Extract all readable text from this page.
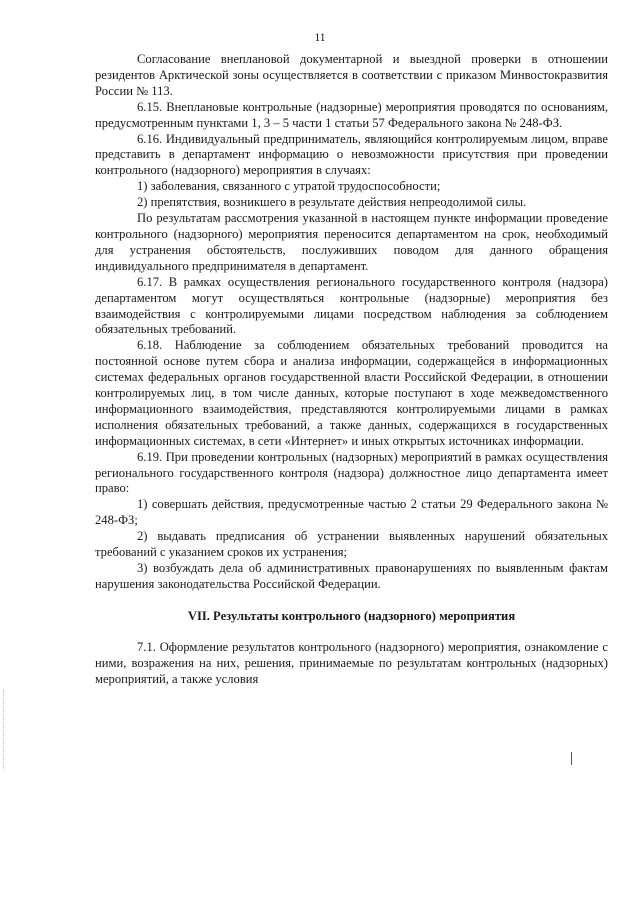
11

Согласование внеплановой документарной и выездной проверки в отношении резидентов Арктической зоны осуществляется в соответствии с приказом Минвостокразвития России № 113.

6.15. Внеплановые контрольные (надзорные) мероприятия проводятся по основаниям, предусмотренным пунктами 1, 3 – 5 части 1 статьи 57 Федерального закона № 248-ФЗ.

6.16. Индивидуальный предприниматель, являющийся контролируемым лицом, вправе представить в департамент информацию о невозможности присутствия при проведении контрольного (надзорного) мероприятия в случаях:

1) заболевания, связанного с утратой трудоспособности;

2) препятствия, возникшего в результате действия непреодолимой силы.

По результатам рассмотрения указанной в настоящем пункте информации проведение контрольного (надзорного) мероприятия переносится департаментом на срок, необходимый для устранения обстоятельств, послуживших поводом для данного обращения индивидуального предпринимателя в департамент.

6.17. В рамках осуществления регионального государственного контроля (надзора) департаментом могут осуществляться контрольные (надзорные) мероприятия без взаимодействия с контролируемыми лицами посредством наблюдения за соблюдением обязательных требований.

6.18. Наблюдение за соблюдением обязательных требований проводится на постоянной основе путем сбора и анализа информации, содержащейся в информационных системах федеральных органов государственной власти Российской Федерации, в отношении контролируемых лиц, в том числе данных, которые поступают в ходе межведомственного информационного взаимодействия, представляются контролируемыми лицами в рамках исполнения обязательных требований, а также данных, содержащихся в государственных информационных системах, в сети «Интернет» и иных открытых источниках информации.

6.19. При проведении контрольных (надзорных) мероприятий в рамках осуществления регионального государственного контроля (надзора) должностное лицо департамента имеет право:

1) совершать действия, предусмотренные частью 2 статьи 29 Федерального закона № 248-ФЗ;

2) выдавать предписания об устранении выявленных нарушений обязательных требований с указанием сроков их устранения;

3) возбуждать дела об административных правонарушениях по выявленным фактам нарушения законодательства Российской Федерации.

VII. Результаты контрольного (надзорного) мероприятия

7.1. Оформление результатов контрольного (надзорного) мероприятия, ознакомление с ними, возражения на них, решения, принимаемые по результатам контрольных (надзорных) мероприятий, а также условия
